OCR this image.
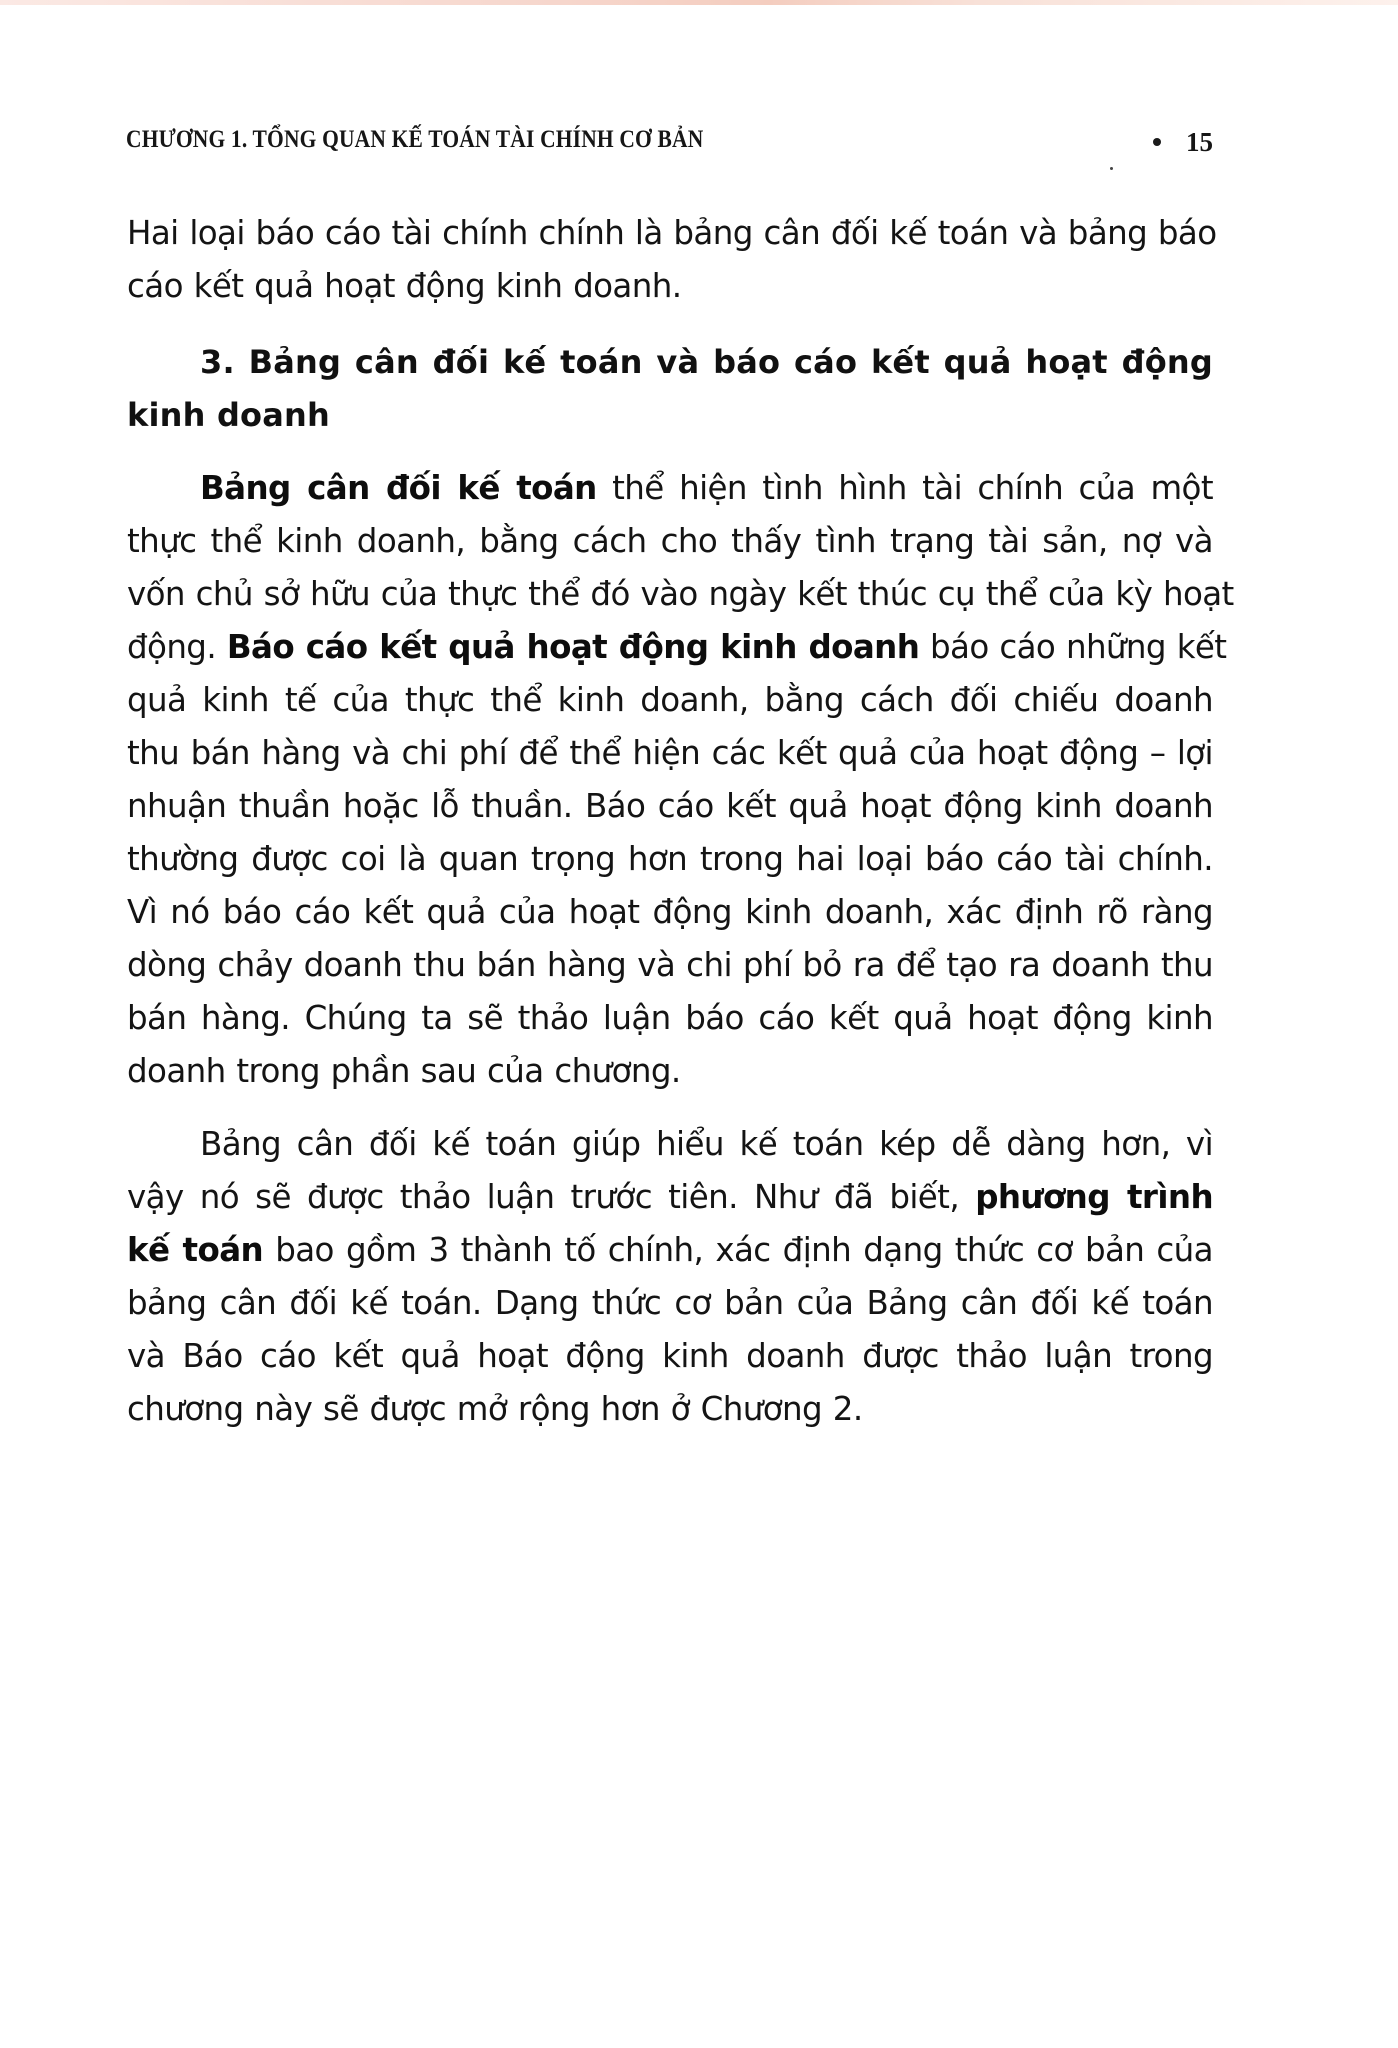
CHƯƠNG 1. TỔNG QUAN KẾ TOÁN TÀI CHÍNH CƠ BẢN	15

Hai loại báo cáo tài chính chính là bảng cân đối kế toán và bảng báo
cáo kết quả hoạt động kinh doanh.

3. Bảng cân đối kế toán và báo cáo kết quả hoạt động
kinh doanh

Bảng cân đối kế toán thể hiện tình hình tài chính của một
thực thể kinh doanh, bằng cách cho thấy tình trạng tài sản, nợ và
vốn chủ sở hữu của thực thể đó vào ngày kết thúc cụ thể của kỳ hoạt
động. Báo cáo kết quả hoạt động kinh doanh báo cáo những kết
quả kinh tế của thực thể kinh doanh, bằng cách đối chiếu doanh
thu bán hàng và chi phí để thể hiện các kết quả của hoạt động – lợi
nhuận thuần hoặc lỗ thuần. Báo cáo kết quả hoạt động kinh doanh
thường được coi là quan trọng hơn trong hai loại báo cáo tài chính.
Vì nó báo cáo kết quả của hoạt động kinh doanh, xác định rõ ràng
dòng chảy doanh thu bán hàng và chi phí bỏ ra để tạo ra doanh thu
bán hàng. Chúng ta sẽ thảo luận báo cáo kết quả hoạt động kinh
doanh trong phần sau của chương.

Bảng cân đối kế toán giúp hiểu kế toán kép dễ dàng hơn, vì
vậy nó sẽ được thảo luận trước tiên. Như đã biết, phương trình
kế toán bao gồm 3 thành tố chính, xác định dạng thức cơ bản của
bảng cân đối kế toán. Dạng thức cơ bản của Bảng cân đối kế toán
và Báo cáo kết quả hoạt động kinh doanh được thảo luận trong
chương này sẽ được mở rộng hơn ở Chương 2.
